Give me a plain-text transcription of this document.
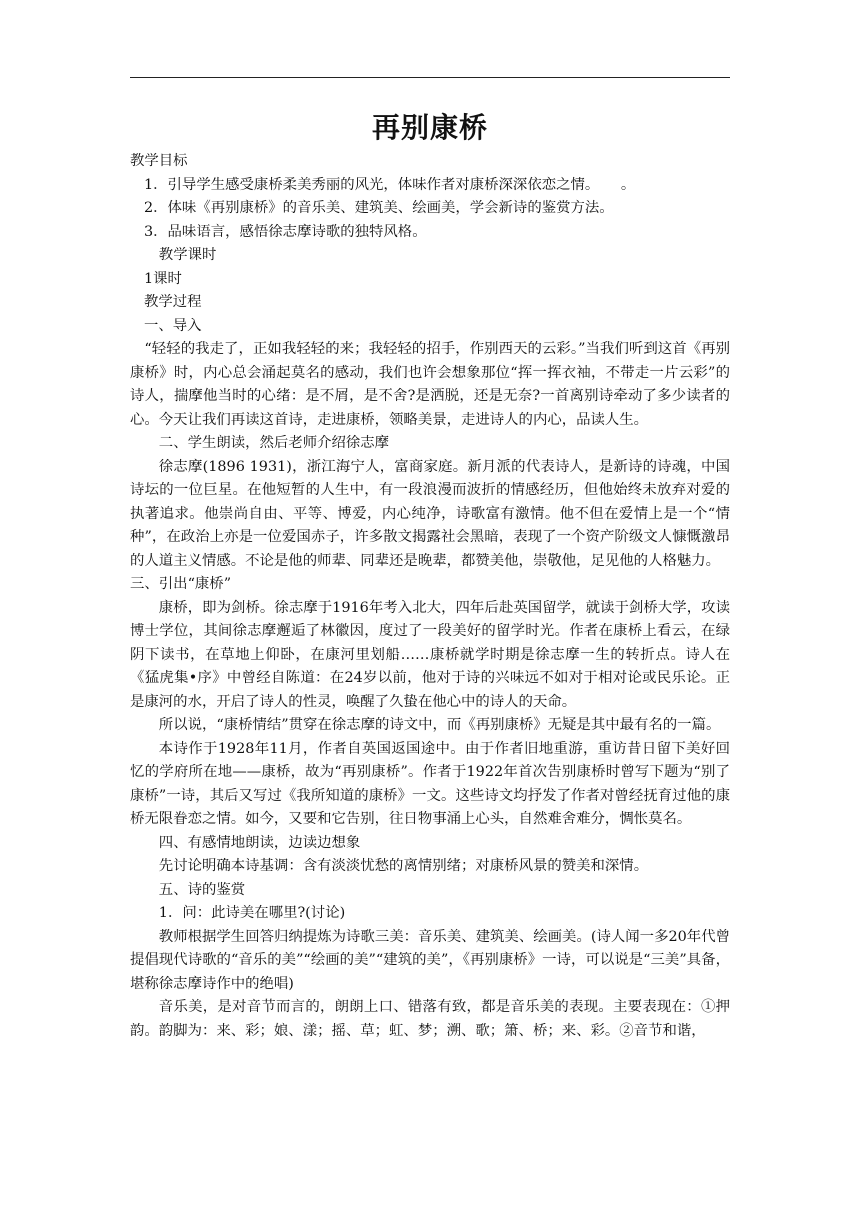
再别康桥

教学目标

1．引导学生感受康桥柔美秀丽的风光，体味作者对康桥深深依恋之情。　　。

2．体味《再别康桥》的音乐美、建筑美、绘画美，学会新诗的鉴赏方法。

3．品味语言，感悟徐志摩诗歌的独特风格。

教学课时

1课时

教学过程

一、导入

“轻轻的我走了，正如我轻轻的来；我轻轻的招手，作别西天的云彩。”当我们听到这首《再别康桥》时，内心总会涌起莫名的感动，我们也许会想象那位“挥一挥衣袖，不带走一片云彩”的诗人，揣摩他当时的心绪：是不屑，是不舍?是洒脱，还是无奈?一首离别诗牵动了多少读者的心。今天让我们再读这首诗，走进康桥，领略美景，走进诗人的内心，品读人生。

二、学生朗读，然后老师介绍徐志摩

徐志摩(1896 1931)，浙江海宁人，富商家庭。新月派的代表诗人，是新诗的诗魂，中国诗坛的一位巨星。在他短暂的人生中，有一段浪漫而波折的情感经历，但他始终未放弃对爱的执著追求。他崇尚自由、平等、博爱，内心纯净，诗歌富有激情。他不但在爱情上是一个“情种”，在政治上亦是一位爱国赤子，许多散文揭露社会黑暗，表现了一个资产阶级文人慷慨激昂的人道主义情感。不论是他的师辈、同辈还是晚辈，都赞美他，崇敬他，足见他的人格魅力。

三、引出“康桥”

康桥，即为剑桥。徐志摩于1916年考入北大，四年后赴英国留学，就读于剑桥大学，攻读博士学位，其间徐志摩邂逅了林徽因，度过了一段美好的留学时光。作者在康桥上看云，在绿阴下读书，在草地上仰卧，在康河里划船……康桥就学时期是徐志摩一生的转折点。诗人在《猛虎集•序》中曾经自陈道：在24岁以前，他对于诗的兴味远不如对于相对论或民乐论。正是康河的水，开启了诗人的性灵，唤醒了久蛰在他心中的诗人的天命。

所以说，“康桥情结”贯穿在徐志摩的诗文中，而《再别康桥》无疑是其中最有名的一篇。

本诗作于1928年11月，作者自英国返国途中。由于作者旧地重游，重访昔日留下美好回忆的学府所在地——康桥，故为“再别康桥”。作者于1922年首次告别康桥时曾写下题为“别了康桥”一诗，其后又写过《我所知道的康桥》一文。这些诗文均抒发了作者对曾经抚育过他的康桥无限眷恋之情。如今，又要和它告别，往日物事涌上心头，自然难舍难分，惆怅莫名。

四、有感情地朗读，边读边想象

先讨论明确本诗基调：含有淡淡忧愁的离情别绪；对康桥风景的赞美和深情。

五、诗的鉴赏

1．问：此诗美在哪里?(讨论)

教师根据学生回答归纳提炼为诗歌三美：音乐美、建筑美、绘画美。(诗人闻一多20年代曾提倡现代诗歌的“音乐的美”“绘画的美”“建筑的美”，《再别康桥》一诗，可以说是“三美”具备，堪称徐志摩诗作中的绝唱)

音乐美，是对音节而言的，朗朗上口、错落有致，都是音乐美的表现。主要表现在：①押韵。韵脚为：来、彩；娘、漾；摇、草；虹、梦；溯、歌；箫、桥；来、彩。②音节和谐，
